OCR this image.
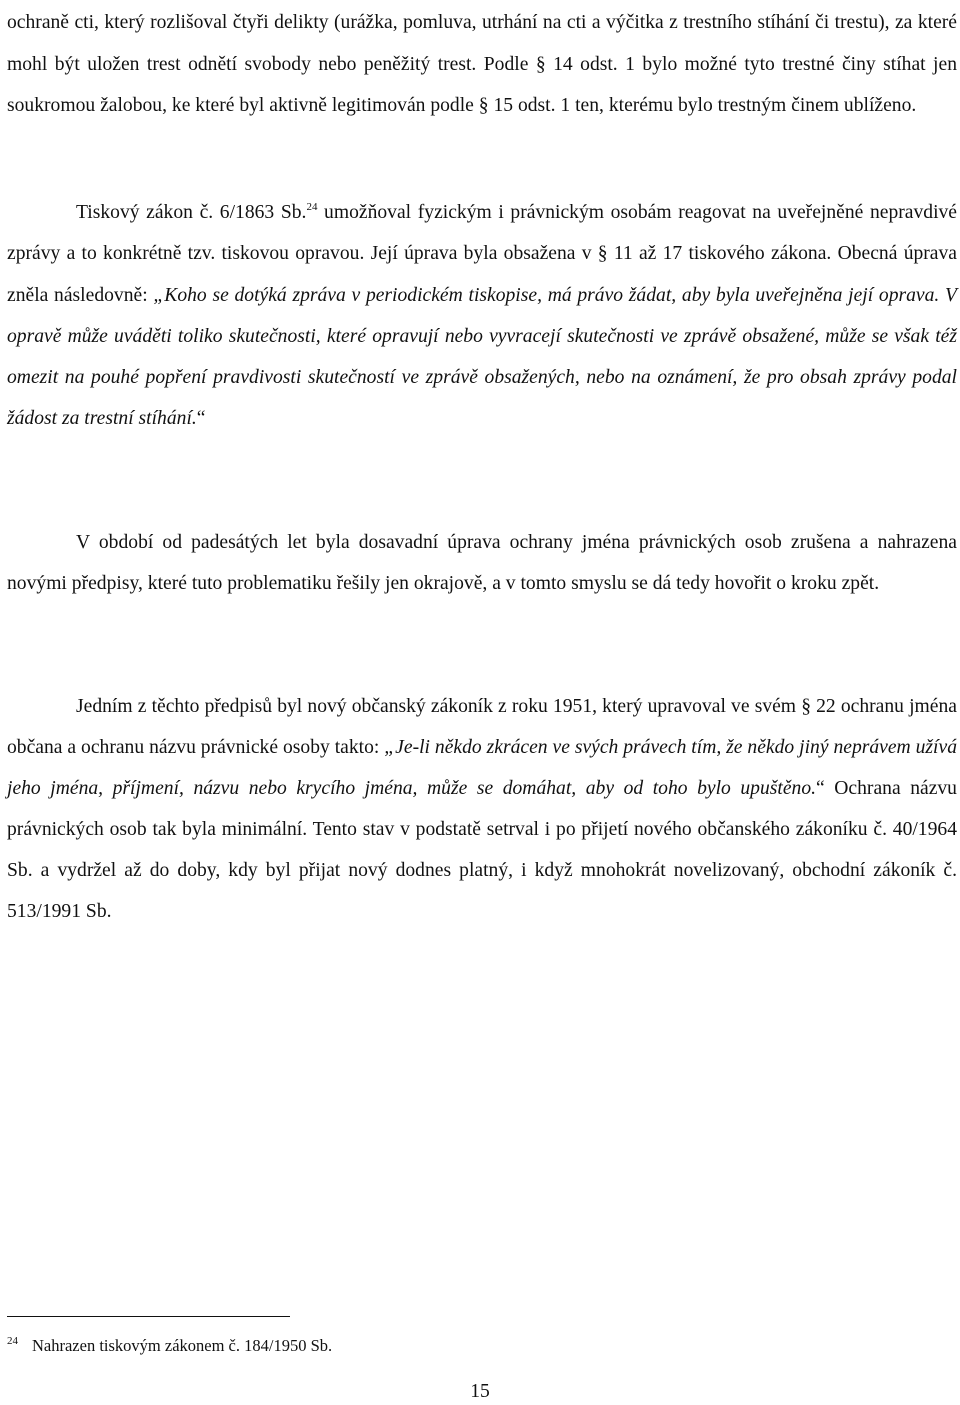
ochraně cti, který rozlišoval čtyři delikty (urážka, pomluva, utrhání na cti a výčitka z trestního stíhání či trestu), za které mohl být uložen trest odnětí svobody nebo peněžitý trest. Podle § 14 odst. 1 bylo možné tyto trestné činy stíhat jen soukromou žalobou, ke které byl aktivně legitimován podle § 15 odst. 1 ten, kterému bylo trestným činem ublíženo.

Tiskový zákon č. 6/1863 Sb.$^{24}$ umožňoval fyzickým i právnickým osobám reagovat na uveřejněné nepravdivé zprávy a to konkrétně tzv. tiskovou opravou. Její úprava byla obsažena v § 11 až 17 tiskového zákona. Obecná úprava zněla následovně: „Koho se dotýká zpráva v periodickém tiskopise, má právo žádat, aby byla uveřejněna její oprava. V opravě může uváděti toliko skutečnosti, které opravují nebo vyvracejí skutečnosti ve zprávě obsažené, může se však též omezit na pouhé popření pravdivosti skutečností ve zprávě obsažených, nebo na oznámení, že pro obsah zprávy podal žádost za trestní stíhání.“

V období od padesátých let byla dosavadní úprava ochrany jména právnických osob zrušena a nahrazena novými předpisy, které tuto problematiku řešily jen okrajově, a v tomto smyslu se dá tedy hovořit o kroku zpět.

Jedním z těchto předpisů byl nový občanský zákoník z roku 1951, který upravoval ve svém § 22 ochranu jména občana a ochranu názvu právnické osoby takto: „Je-li někdo zkrácen ve svých právech tím, že někdo jiný neprávem užívá jeho jména, příjmení, názvu nebo krycího jména, může se domáhat, aby od toho bylo upuštěno.“ Ochrana názvu právnických osob tak byla minimální. Tento stav v podstatě setrval i po přijetí nového občanského zákoníku č. 40/1964 Sb. a vydržel až do doby, kdy byl přijat nový dodnes platný, i když mnohokrát novelizovaný, obchodní zákoník č. 513/1991 Sb.

$^{24}$ Nahrazen tiskovým zákonem č. 184/1950 Sb.
15
